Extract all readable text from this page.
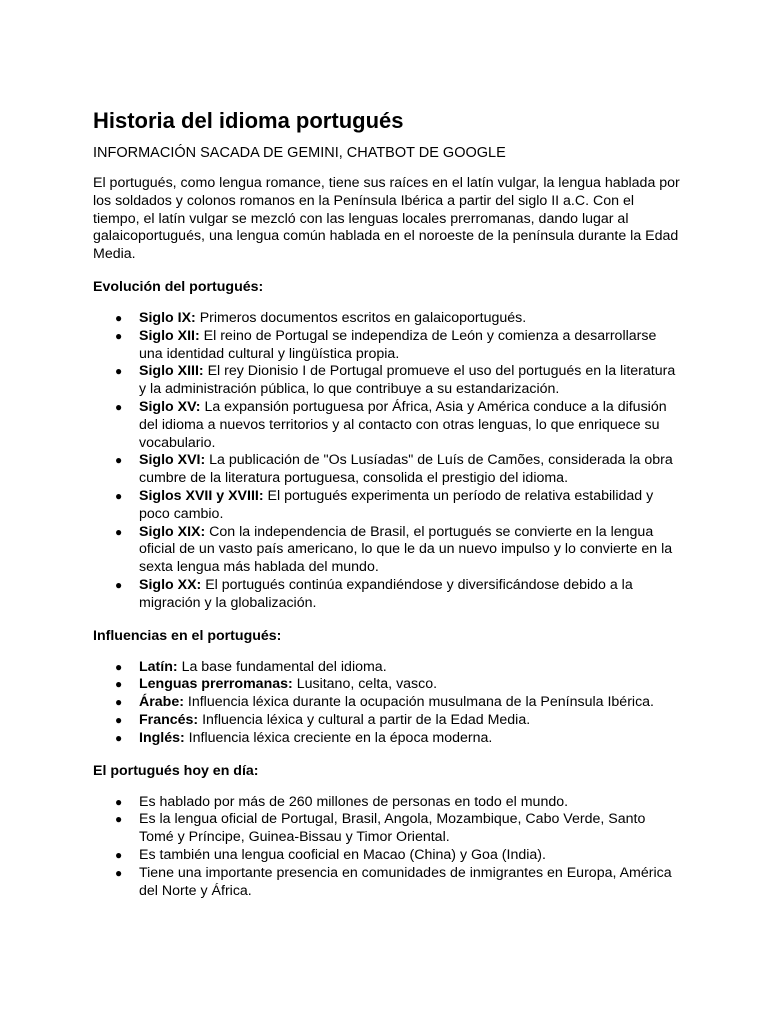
Historia del idioma portugués
INFORMACIÓN SACADA DE GEMINI, CHATBOT DE GOOGLE

El portugués, como lengua romance, tiene sus raíces en el latín vulgar, la lengua hablada por los soldados y colonos romanos en la Península Ibérica a partir del siglo II a.C. Con el tiempo, el latín vulgar se mezcló con las lenguas locales prerromanas, dando lugar al galaicoportugués, una lengua común hablada en el noroeste de la península durante la Edad Media.

Evolución del portugués:
● Siglo IX: Primeros documentos escritos en galaicoportugués.
● Siglo XII: El reino de Portugal se independiza de León y comienza a desarrollarse una identidad cultural y lingüística propia.
● Siglo XIII: El rey Dionisio I de Portugal promueve el uso del portugués en la literatura y la administración pública, lo que contribuye a su estandarización.
● Siglo XV: La expansión portuguesa por África, Asia y América conduce a la difusión del idioma a nuevos territorios y al contacto con otras lenguas, lo que enriquece su vocabulario.
● Siglo XVI: La publicación de "Os Lusíadas" de Luís de Camões, considerada la obra cumbre de la literatura portuguesa, consolida el prestigio del idioma.
● Siglos XVII y XVIII: El portugués experimenta un período de relativa estabilidad y poco cambio.
● Siglo XIX: Con la independencia de Brasil, el portugués se convierte en la lengua oficial de un vasto país americano, lo que le da un nuevo impulso y lo convierte en la sexta lengua más hablada del mundo.
● Siglo XX: El portugués continúa expandiéndose y diversificándose debido a la migración y la globalización.
Influencias en el portugués:
● Latín: La base fundamental del idioma.
● Lenguas prerromanas: Lusitano, celta, vasco.
● Árabe: Influencia léxica durante la ocupación musulmana de la Península Ibérica.
● Francés: Influencia léxica y cultural a partir de la Edad Media.
● Inglés: Influencia léxica creciente en la época moderna.
El portugués hoy en día:
● Es hablado por más de 260 millones de personas en todo el mundo.
● Es la lengua oficial de Portugal, Brasil, Angola, Mozambique, Cabo Verde, Santo Tomé y Príncipe, Guinea-Bissau y Timor Oriental.
● Es también una lengua cooficial en Macao (China) y Goa (India).
● Tiene una importante presencia en comunidades de inmigrantes en Europa, América del Norte y África.
